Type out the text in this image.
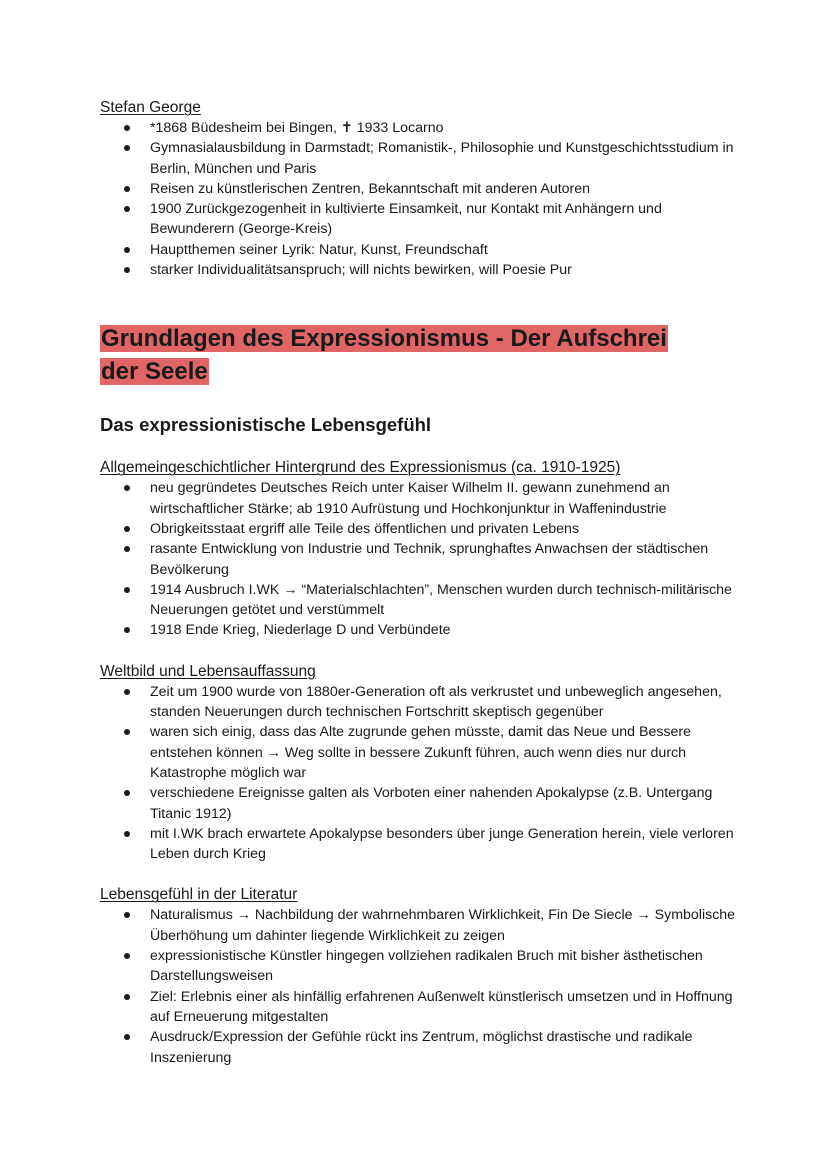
Stefan George
*1868 Büdesheim bei Bingen, ✝ 1933 Locarno
Gymnasialausbildung in Darmstadt; Romanistik-, Philosophie und Kunstgeschichtsstudium in Berlin, München und Paris
Reisen zu künstlerischen Zentren, Bekanntschaft mit anderen Autoren
1900 Zurückgezogenheit in kultivierte Einsamkeit, nur Kontakt mit Anhängern und Bewunderern (George-Kreis)
Hauptthemen seiner Lyrik: Natur, Kunst, Freundschaft
starker Individualitätsanspruch; will nichts bewirken, will Poesie Pur
Grundlagen des Expressionismus - Der Aufschrei
der Seele
Das expressionistische Lebensgefühl
Allgemeingeschichtlicher Hintergrund des Expressionismus (ca. 1910-1925)
neu gegründetes Deutsches Reich unter Kaiser Wilhelm II. gewann zunehmend an wirtschaftlicher Stärke; ab 1910 Aufrüstung und Hochkonjunktur in Waffenindustrie
Obrigkeitsstaat ergriff alle Teile des öffentlichen und privaten Lebens
rasante Entwicklung von Industrie und Technik, sprunghaftes Anwachsen der städtischen Bevölkerung
1914 Ausbruch I.WK → “Materialschlachten”, Menschen wurden durch technisch-militärische Neuerungen getötet und verstümmelt
1918 Ende Krieg, Niederlage D und Verbündete
Weltbild und Lebensauffassung
Zeit um 1900 wurde von 1880er-Generation oft als verkrustet und unbeweglich angesehen, standen Neuerungen durch technischen Fortschritt skeptisch gegenüber
waren sich einig, dass das Alte zugrunde gehen müsste, damit das Neue und Bessere entstehen können → Weg sollte in bessere Zukunft führen, auch wenn dies nur durch Katastrophe möglich war
verschiedene Ereignisse galten als Vorboten einer nahenden Apokalypse (z.B. Untergang Titanic 1912)
mit I.WK brach erwartete Apokalypse besonders über junge Generation herein, viele verloren Leben durch Krieg
Lebensgefühl in der Literatur
Naturalismus → Nachbildung der wahrnehmbaren Wirklichkeit, Fin De Siecle → Symbolische Überhöhung um dahinter liegende Wirklichkeit zu zeigen
expressionistische Künstler hingegen vollziehen radikalen Bruch mit bisher ästhetischen Darstellungsweisen
Ziel: Erlebnis einer als hinfällig erfahrenen Außenwelt künstlerisch umsetzen und in Hoffnung auf Erneuerung mitgestalten
Ausdruck/Expression der Gefühle rückt ins Zentrum, möglichst drastische und radikale Inszenierung
